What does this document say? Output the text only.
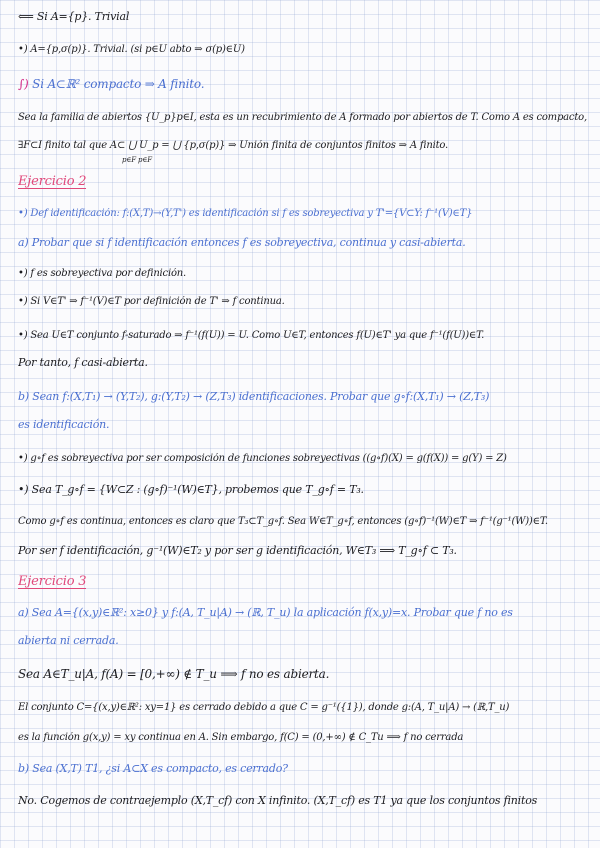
⟸ Si A={p}. Trivial
•) A={p,σ(p)}. Trivial. (si p∈U abto ⇒ σ(p)∈U)
∫) Si A⊂ℝ² compacto ⇒ A finito.
Sea la familia de abiertos {U_p}p∈I, esta es un recubrimiento de A formado por abiertos de T. Como A es compacto,
∃F⊂I finito tal que A⊂ ⋃ U_p = ⋃ {p,σ(p)} ⇒ Unión finita de conjuntos finitos ⇒ A finito.
p∈F p∈F
Ejercicio 2
•) Def identificación: f:(X,T)→(Y,T') es identificación si f es sobreyectiva y T'={V⊂Y: f⁻¹(V)∈T}
a) Probar que si f identificación entonces f es sobreyectiva, continua y casi-abierta.
•) f es sobreyectiva por definición.
•) Si V∈T' ⇒ f⁻¹(V)∈T por definición de T' ⇒ f continua.
•) Sea U∈T conjunto f-saturado ⇒ f⁻¹(f(U)) = U. Como U∈T, entonces f(U)∈T' ya que f⁻¹(f(U))∈T.
Por tanto, f casi-abierta.
b) Sean f:(X,T₁) → (Y,T₂), g:(Y,T₂) → (Z,T₃) identificaciones. Probar que g∘f:(X,T₁) → (Z,T₃)
es identificación.
•) g∘f es sobreyectiva por ser composición de funciones sobreyectivas ((g∘f)(X) = g(f(X)) = g(Y) = Z)
•) Sea T_g∘f = {W⊂Z : (g∘f)⁻¹(W)∈T}, probemos que T_g∘f = T₃.
Como g∘f es continua, entonces es claro que T₃⊂T_g∘f. Sea W∈T_g∘f, entonces (g∘f)⁻¹(W)∈T ⇒ f⁻¹(g⁻¹(W))∈T.
Por ser f identificación, g⁻¹(W)∈T₂ y por ser g identificación, W∈T₃ ⟹ T_g∘f ⊂ T₃.
Ejercicio 3
a) Sea A={(x,y)∈ℝ²: x≥0} y f:(A, T_u|A) → (ℝ, T_u) la aplicación f(x,y)=x. Probar que f no es
abierta ni cerrada.
Sea A∈T_u|A, f(A) = [0,+∞) ∉ T_u ⟹ f no es abierta.
El conjunto C={(x,y)∈ℝ²: xy=1} es cerrado debido a que C = g⁻¹({1}), donde g:(A, T_u|A) → (ℝ,T_u)
es la función g(x,y) = xy continua en A. Sin embargo, f(C) = (0,+∞) ∉ C_Tu ⟹ f no cerrada
b) Sea (X,T) T1, ¿si A⊂X es compacto, es cerrado?
No. Cogemos de contraejemplo (X,T_cf) con X infinito. (X,T_cf) es T1 ya que los conjuntos finitos
